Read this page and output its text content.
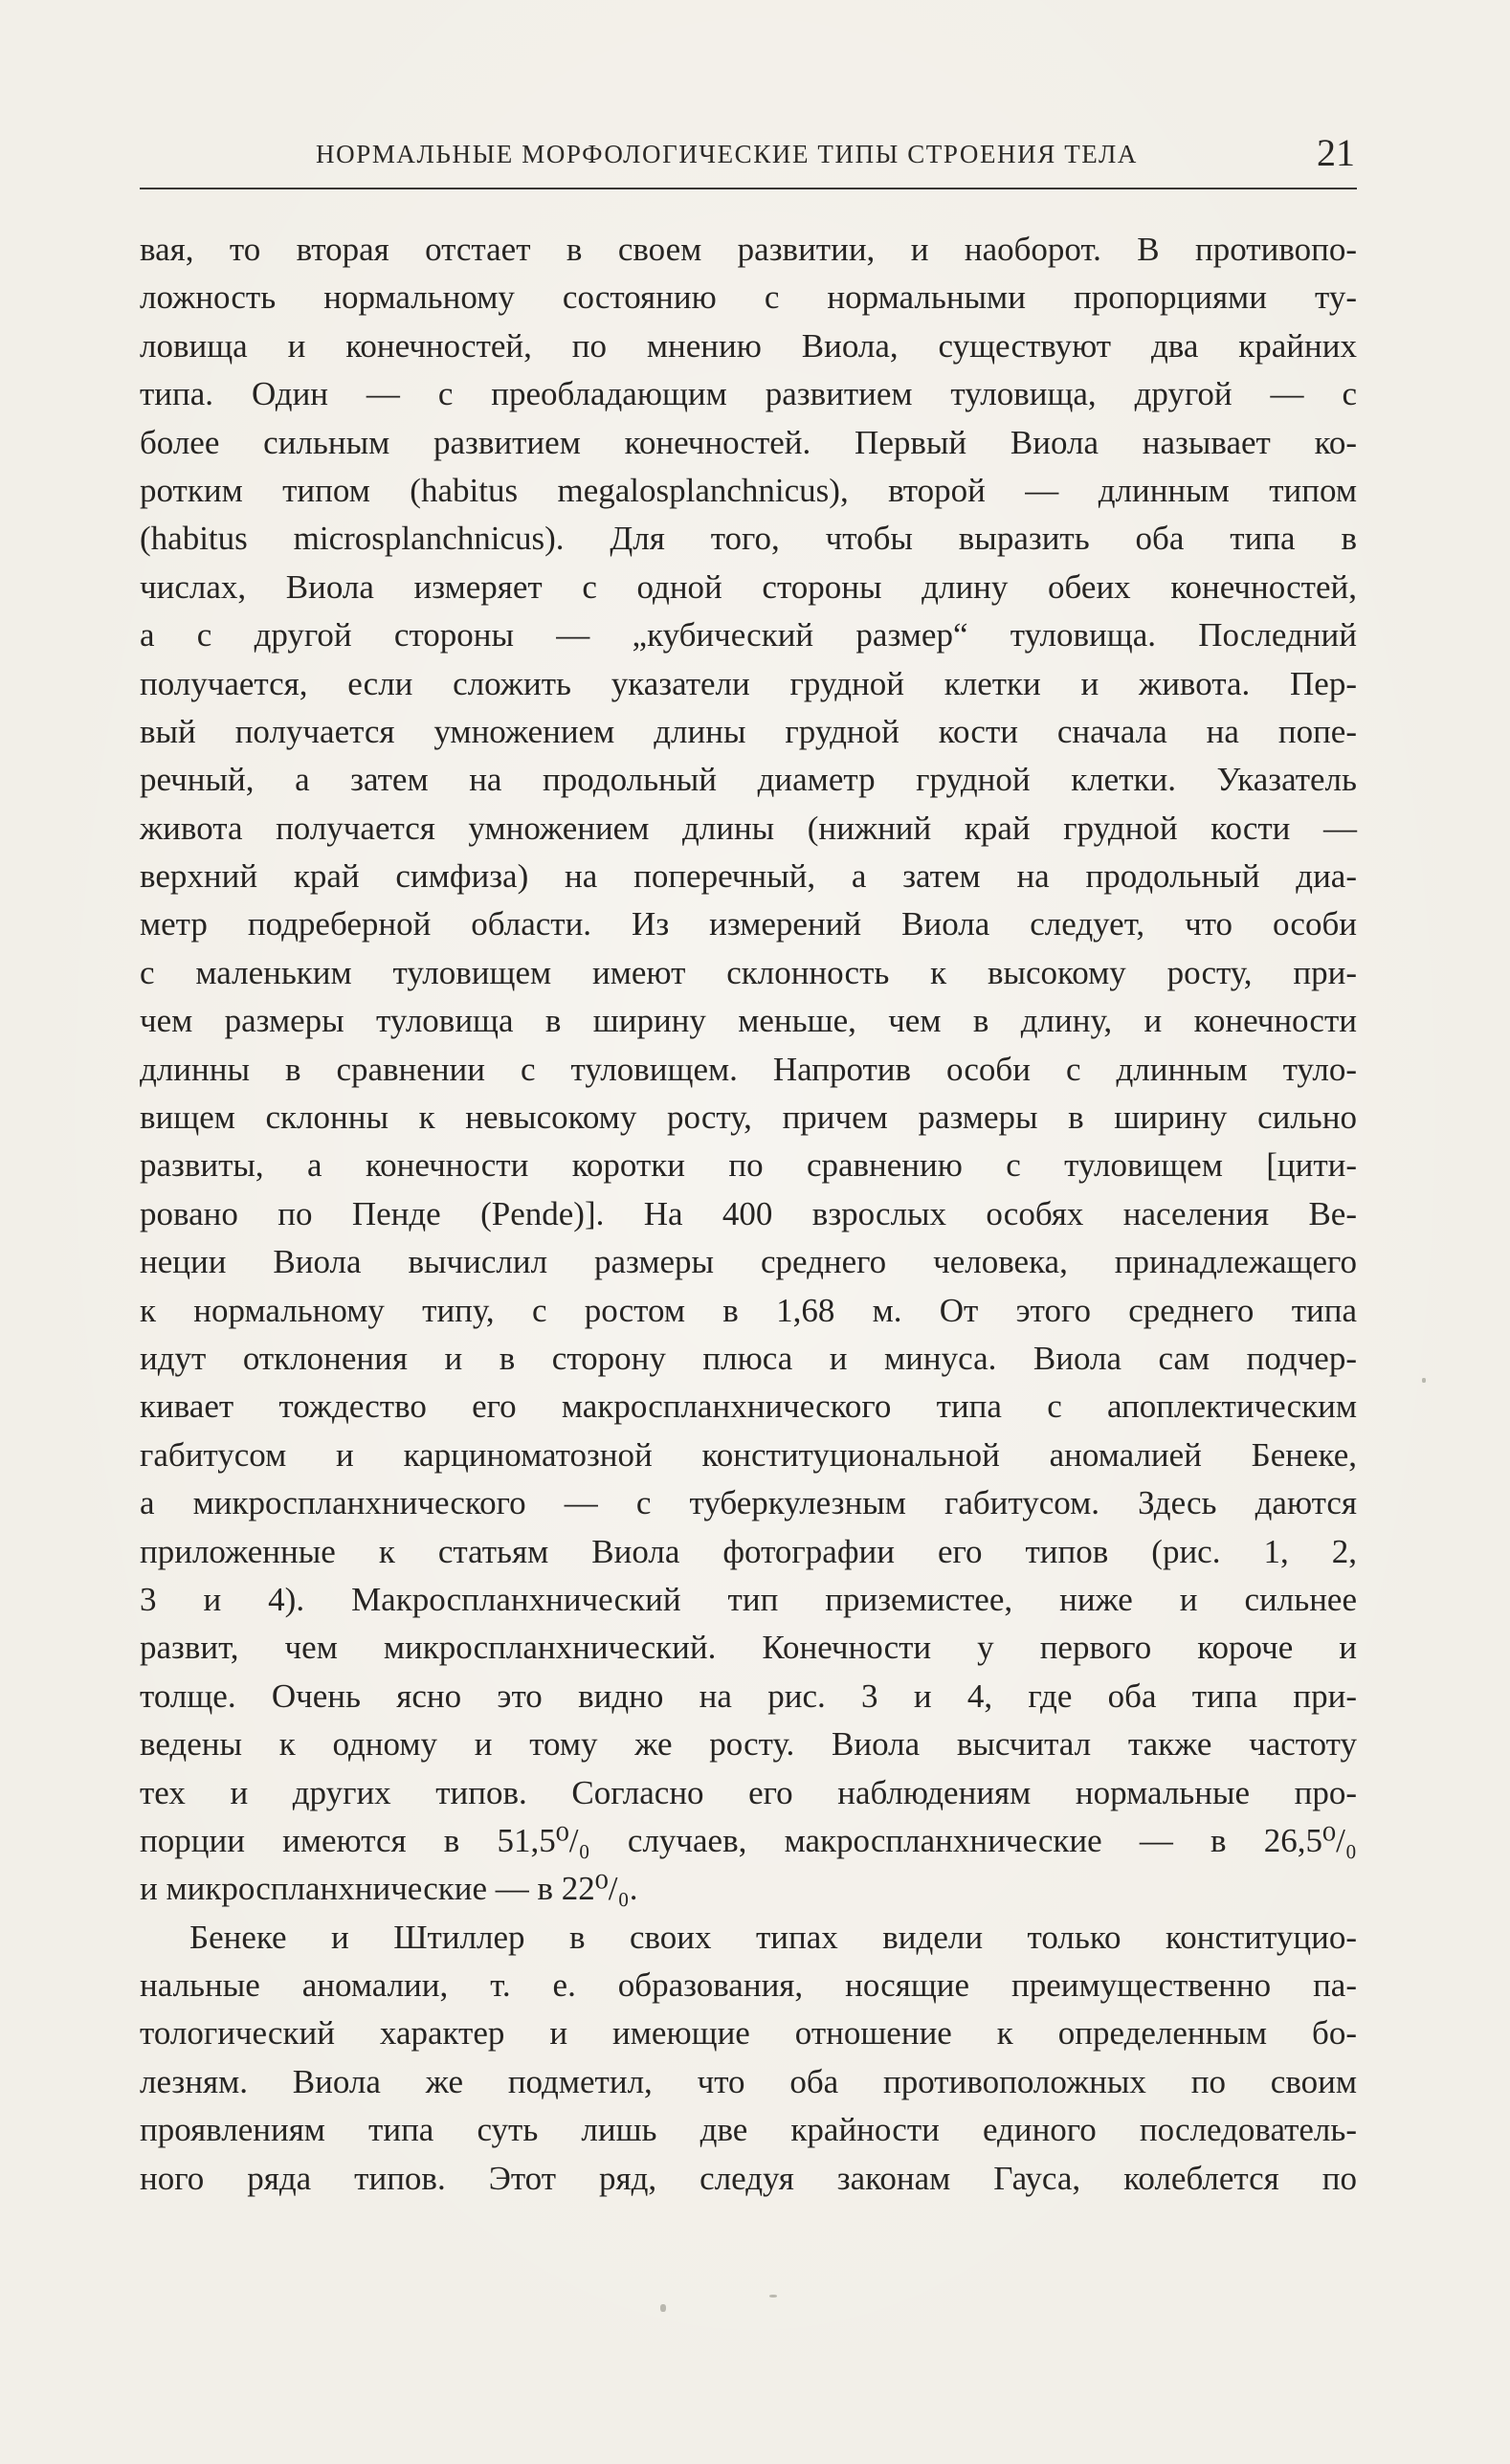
НОРМАЛЬНЫЕ МОРФОЛОГИЧЕСКИЕ ТИПЫ СТРОЕНИЯ ТЕЛА	21
вая, то вторая отстает в своем развитии, и наоборот. В противопо-
ложность нормальному состоянию с нормальными пропорциями ту-
ловища и конечностей, по мнению Виола, существуют два крайних
типа. Один — с преобладающим развитием туловища, другой — с
более сильным развитием конечностей. Первый Виола называет ко-
ротким типом (habitus megalosplanchnicus), второй — длинным типом
(habitus microsplanchnicus). Для того, чтобы выразить оба типа в
числах, Виола измеряет с одной стороны длину обеих конечностей,
а с другой стороны — „кубический размер“ туловища. Последний
получается, если сложить указатели грудной клетки и живота. Пер-
вый получается умножением длины грудной кости сначала на попе-
речный, а затем на продольный диаметр грудной клетки. Указатель
живота получается умножением длины (нижний край грудной кости —
верхний край симфиза) на поперечный, а затем на продольный диа-
метр подреберной области. Из измерений Виола следует, что особи
с маленьким туловищем имеют склонность к высокому росту, при-
чем размеры туловища в ширину меньше, чем в длину, и конечности
длинны в сравнении с туловищем. Напротив особи с длинным туло-
вищем склонны к невысокому росту, причем размеры в ширину сильно
развиты, а конечности коротки по сравнению с туловищем [цити-
ровано по Пенде (Pende)]. На 400 взрослых особях населения Ве-
неции Виола вычислил размеры среднего человека, принадлежащего
к нормальному типу, с ростом в 1,68 м. От этого среднего типа
идут отклонения и в сторону плюса и минуса. Виола сам подчер-
кивает тождество его макроспланхнического типа с апоплектическим
габитусом и карциноматозной конституциональной аномалией Бенеке,
а микроспланхнического — с туберкулезным габитусом. Здесь даются
приложенные к статьям Виола фотографии его типов (рис. 1, 2,
3 и 4). Макроспланхнический тип приземистее, ниже и сильнее
развит, чем микроспланхнический. Конечности у первого короче и
толще. Очень ясно это видно на рис. 3 и 4, где оба типа при-
ведены к одному и тому же росту. Виола высчитал также частоту
тех и других типов. Согласно его наблюдениям нормальные про-
порции имеются в 51,5⁰/₀ случаев, макроспланхнические — в 26,5⁰/₀
и микроспланхнические — в 22⁰/₀.
Бенеке и Штиллер в своих типах видели только конституцио-
нальные аномалии, т. е. образования, носящие преимущественно па-
тологический характер и имеющие отношение к определенным бо-
лезням. Виола же подметил, что оба противоположных по своим
проявлениям типа суть лишь две крайности единого последователь-
ного ряда типов. Этот ряд, следуя законам Гауса, колеблется по
